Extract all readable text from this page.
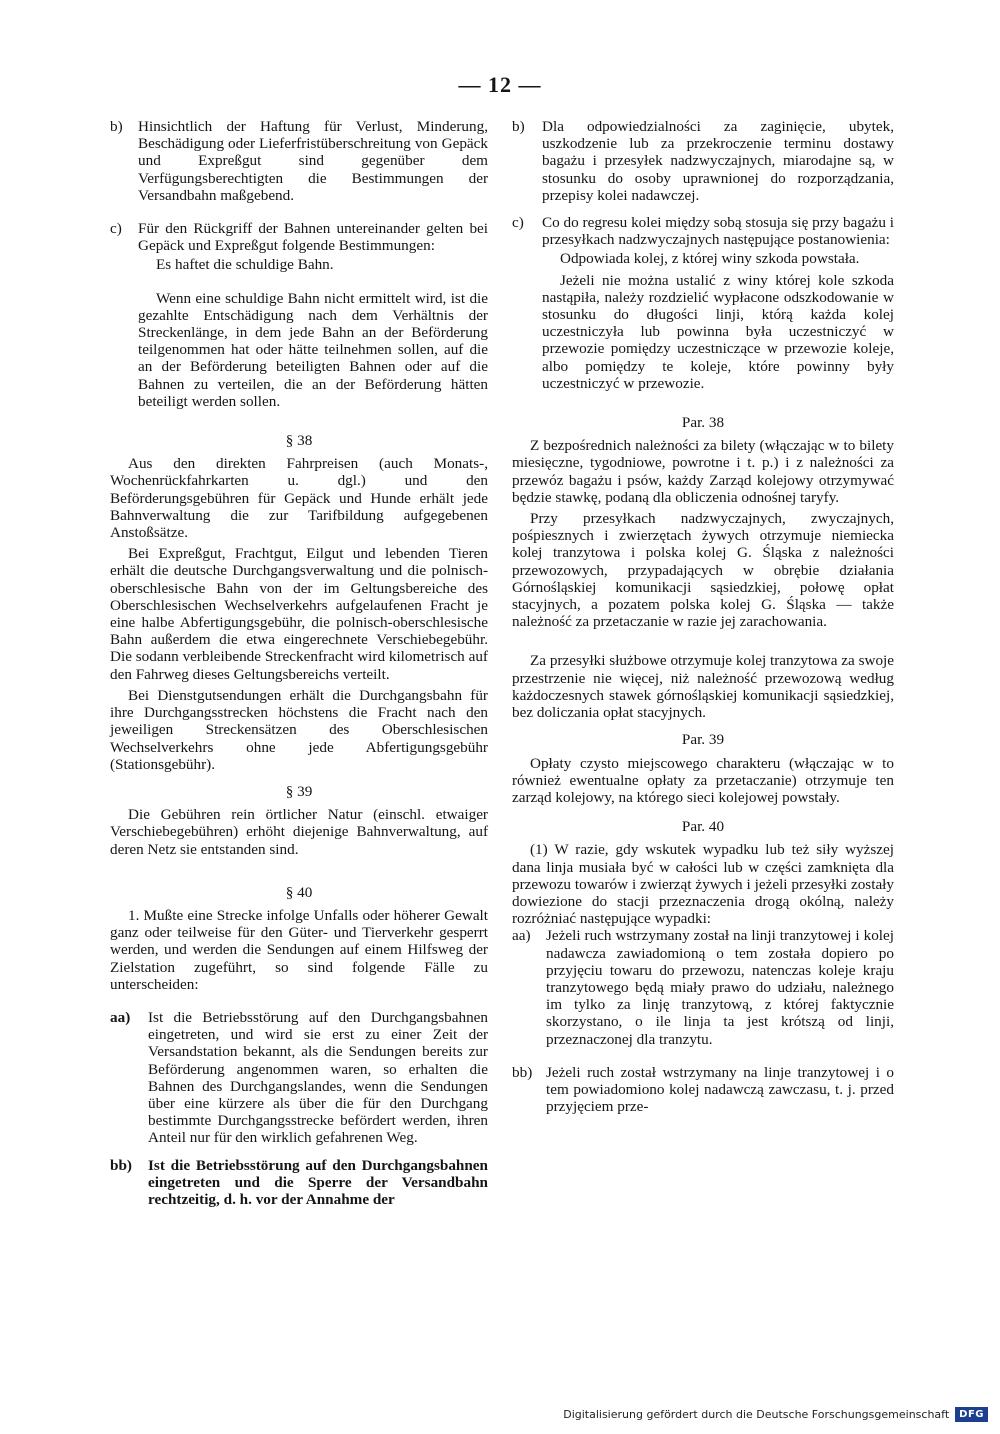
— 12 —
b) Hinsichtlich der Haftung für Verlust, Minderung, Beschädigung oder Lieferfristüberschreitung von Gepäck und Expreßgut sind gegenüber dem Verfügungsberechtigten die Bestimmungen der Versandbahn maßgebend.
c) Für den Rückgriff der Bahnen untereinander gelten bei Gepäck und Expreßgut folgende Bestimmungen:

Es haftet die schuldige Bahn.

Wenn eine schuldige Bahn nicht ermittelt wird, ist die gezahlte Entschädigung nach dem Verhältnis der Streckenlänge, in dem jede Bahn an der Beförderung teilgenommen hat oder hätte teilnehmen sollen, auf die an der Beförderung beteiligten Bahnen oder auf die Bahnen zu verteilen, die an der Beförderung hätten beteiligt werden sollen.

§ 38

Aus den direkten Fahrpreisen (auch Monats-, Wochenrückfahrkarten u. dgl.) und den Beförderungsgebühren für Gepäck und Hunde erhält jede Bahnverwaltung die zur Tarifbildung aufgegebenen Anstoßsätze.

Bei Expreßgut, Frachtgut, Eilgut und lebenden Tieren erhält die deutsche Durchgangsverwaltung und die polnisch-oberschlesische Bahn von der im Geltungsbereiche des Oberschlesischen Wechselverkehrs aufgelaufenen Fracht je eine halbe Abfertigungsgebühr, die polnisch-oberschlesische Bahn außerdem die etwa eingerechnete Verschiebegebühr. Die sodann verbleibende Streckenfracht wird kilometrisch auf den Fahrweg dieses Geltungsbereichs verteilt.

Bei Dienstgutsendungen erhält die Durchgangsbahn für ihre Durchgangsstrecken höchstens die Fracht nach den jeweiligen Streckensätzen des Oberschlesischen Wechselverkehrs ohne jede Abfertigungsgebühr (Stationsgebühr).

§ 39

Die Gebühren rein örtlicher Natur (einschl. etwaiger Verschiebegebühren) erhöht diejenige Bahnverwaltung, auf deren Netz sie entstanden sind.

§ 40

1. Mußte eine Strecke infolge Unfalls oder höherer Gewalt ganz oder teilweise für den Güter- und Tierverkehr gesperrt werden, und werden die Sendungen auf einem Hilfsweg der Zielstation zugeführt, so sind folgende Fälle zu unterscheiden:

aa) Ist die Betriebsstörung auf den Durchgangsbahnen eingetreten, und wird sie erst zu einer Zeit der Versandstation bekannt, als die Sendungen bereits zur Beförderung angenommen waren, so erhalten die Bahnen des Durchgangslandes, wenn die Sendungen über eine kürzere als über die für den Durchgang bestimmte Durchgangsstrecke befördert werden, ihren Anteil nur für den wirklich gefahrenen Weg.
bb) Ist die Betriebsstörung auf den Durchgangsbahnen eingetreten und die Sperre der Versandbahn rechtzeitig, d. h. vor der Annahme der
b) Dla odpowiedzialności za zaginięcie, ubytek, uszkodzenie lub za przekroczenie terminu dostawy bagażu i przesyłek nadzwyczajnych, miarodajne są, w stosunku do osoby uprawnionej do rozporządzania, przepisy kolei nadawczej.
c) Co do regresu kolei między sobą stosuja się przy bagażu i przesyłkach nadzwyczajnych następujące postanowienia:

Odpowiada kolej, z której winy szkoda powstała.

Jeżeli nie można ustalić z winy której kole szkoda nastąpiła, należy rozdzielić wypłacone odszkodowanie w stosunku do długości linji, którą każda kolej uczestniczyła lub powinna była uczestniczyć w przewozie pomiędzy uczestniczące w przewozie koleje, albo pomiędzy te koleje, które powinny były uczestniczyć w przewozie.

Par. 38

Z bezpośrednich należności za bilety (włączając w to bilety miesięczne, tygodniowe, powrotne i t. p.) i z należności za przewóz bagażu i psów, każdy Zarząd kolejowy otrzymywać będzie stawkę, podaną dla obliczenia odnośnej taryfy.

Przy przesyłkach nadzwyczajnych, zwyczajnych, pośpiesznych i zwierzętach żywych otrzymuje niemiecka kolej tranzytowa i polska kolej G. Śląska z należności przewozowych, przypadających w obrębie działania Górnośląskiej komunikacji sąsiedzkiej, połowę opłat stacyjnych, a pozatem polska kolej G. Śląska — także należność za przetaczanie w razie jej zarachowania.

Za przesyłki służbowe otrzymuje kolej tranzytowa za swoje przestrzenie nie więcej, niż należność przewozową według każdoczesnych stawek górnośląskiej komunikacji sąsiedzkiej, bez doliczania opłat stacyjnych.

Par. 39

Opłaty czysto miejscowego charakteru (włączając w to również ewentualne opłaty za przetaczanie) otrzymuje ten zarząd kolejowy, na którego sieci kolejowej powstały.

Par. 40

(1) W razie, gdy wskutek wypadku lub też siły wyższej dana linja musiała być w całości lub w części zamknięta dla przewozu towarów i zwierząt żywych i jeżeli przesyłki zostały dowiezione do stacji przeznaczenia drogą okólną, należy rozróżniać następujące wypadki:

aa) Jeżeli ruch wstrzymany został na linji tranzytowej i kolej nadawcza zawiadomioną o tem została dopiero po przyjęciu towaru do przewozu, natenczas koleje kraju tranzytowego będą miały prawo do udziału, należnego im tylko za linję tranzytową, z której faktycznie skorzystano, o ile linja ta jest krótszą od linji, przeznaczonej dla tranzytu.
bb) Jeżeli ruch został wstrzymany na linje tranzytowej i o tem powiadomiono kolej nadawczą zawczasu, t. j. przed przyjęciem prze-
Digitalisierung gefördert durch die Deutsche Forschungsgemeinschaft	DFG
